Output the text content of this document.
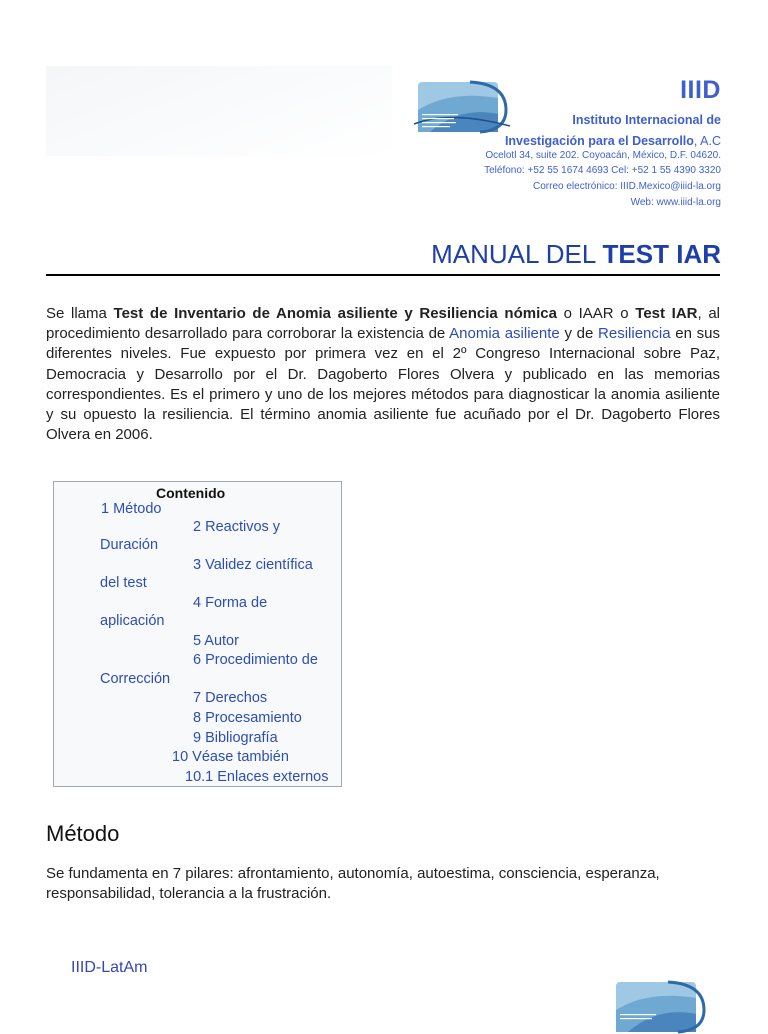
IIID
Instituto Internacional de
Investigación para el Desarrollo, A.C
Ocelotl 34, suite 202. Coyoacán, México, D.F. 04620.
Teléfono: +52 55 1674 4693 Cel: +52 1 55 4390 3320
Correo electrónico: IIID.Mexico@iiid-la.org
Web: www.iiid-la.org
MANUAL DEL TEST IAR
Se llama Test de Inventario de Anomia asiliente y Resiliencia nómica o IAAR o Test IAR, al procedimiento desarrollado para corroborar la existencia de Anomia asiliente y de Resiliencia en sus diferentes niveles. Fue expuesto por primera vez en el 2º Congreso Internacional sobre Paz, Democracia y Desarrollo por el Dr. Dagoberto Flores Olvera y publicado en las memorias correspondientes. Es el primero y uno de los mejores métodos para diagnosticar la anomia asiliente y su opuesto la resiliencia. El término anomia asiliente fue acuñado por el Dr. Dagoberto Flores Olvera en 2006.
Contenido
1 Método
2 Reactivos y
Duración
3 Validez científica
del test
4 Forma de
aplicación
5 Autor
6 Procedimiento de
Corrección
7 Derechos
8 Procesamiento
9 Bibliografía
10 Véase también
10.1 Enlaces externos
Método
Se fundamenta en 7 pilares: afrontamiento, autonomía, autoestima, consciencia, esperanza, responsabilidad, tolerancia a la frustración.
IIID-LatAm
